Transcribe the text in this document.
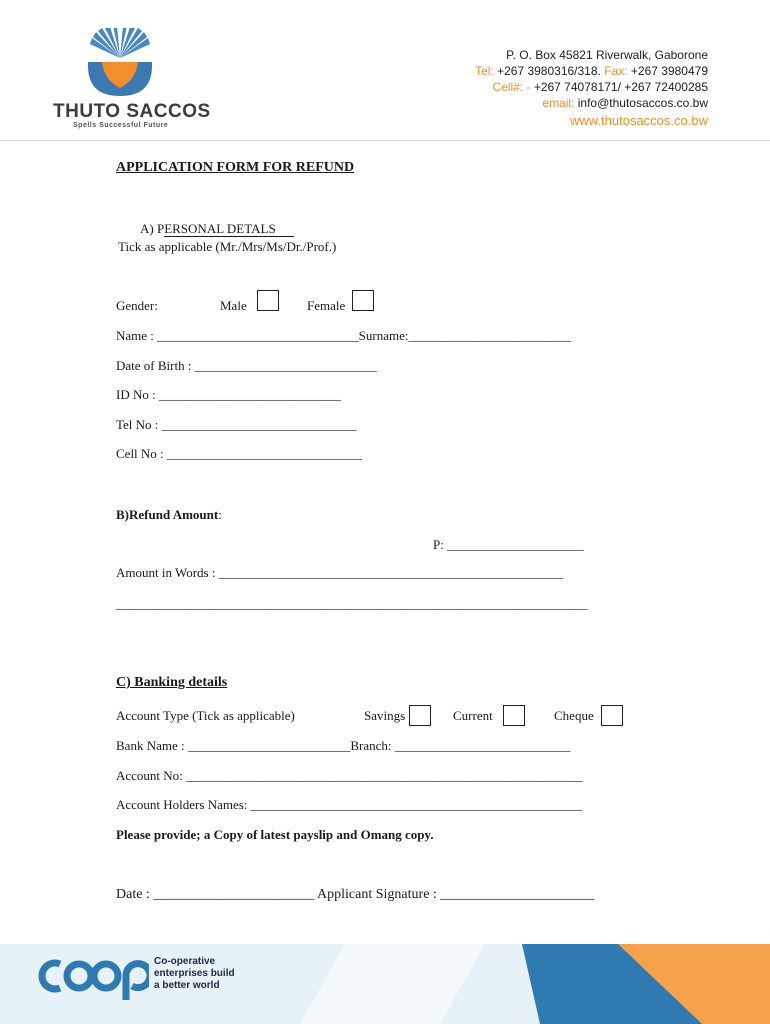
THUTO SACCOS
Spells Successful Future
P. O. Box 45821 Riverwalk, Gaborone
Tel: +267 3980316/318. Fax: +267 3980479
Cell#: - +267 74078171/ +267 72400285
email: info@thutosaccos.co.bw
www.thutosaccos.co.bw
APPLICATION FORM FOR REFUND
A) PERSONAL DETALS
Tick as applicable (Mr./Mrs/Ms/Dr./Prof.)
Gender:	Male	Female
Name : _______________________________Surname:_________________________
Date of Birth : ____________________________
ID No : ____________________________
Tel No : ______________________________
Cell No : ______________________________
B)Refund Amount:
P: _____________________
Amount in Words : _____________________________________________________
____________________________________________________________________________
C) Banking details
Account Type (Tick as applicable)	Savings	Current	Cheque
Bank Name : _________________________Branch: ___________________________
Account No: _____________________________________________________________
Account Holders Names: ___________________________________________________
Please provide; a Copy of latest payslip and Omang copy.
Date : _______________________ Applicant Signature : ______________________
Co-operative
enterprises build
a better world
